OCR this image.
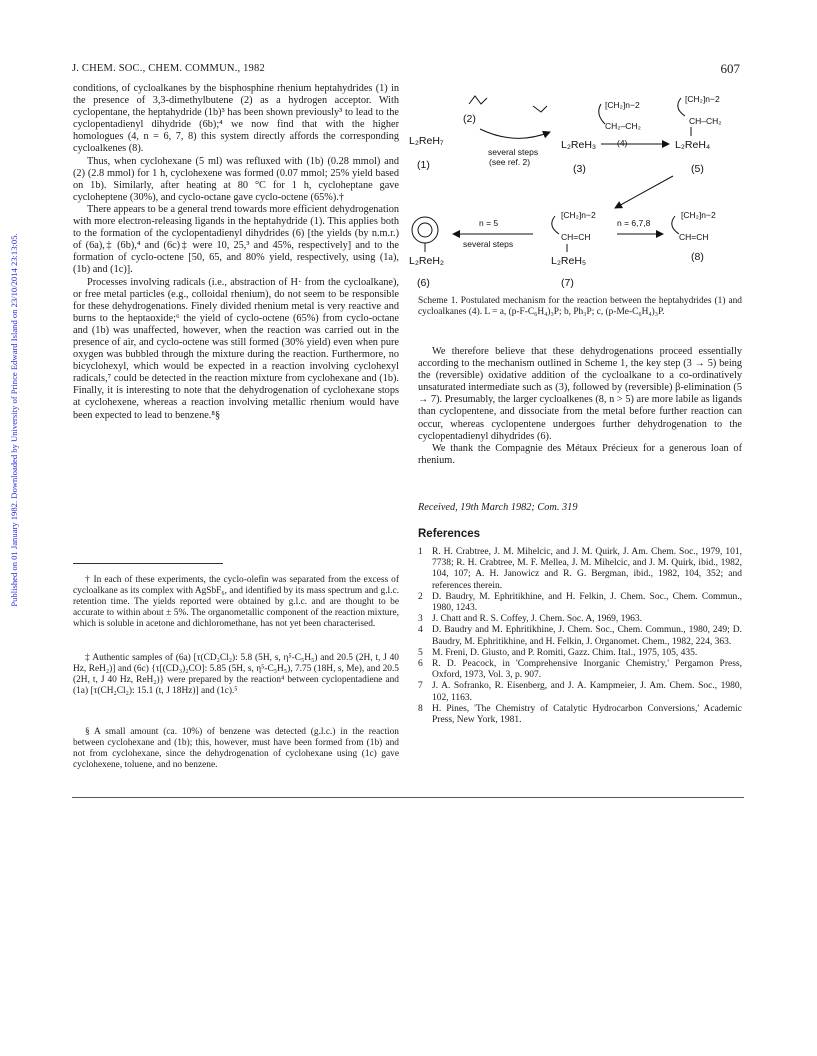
J. CHEM. SOC., CHEM. COMMUN., 1982	607
Published on 01 January 1982. Downloaded by University of Prince Edward Island on 23/10/2014 23:13:05.

conditions, of cycloalkanes by the bisphosphine rhenium heptahydrides (1) in the presence of 3,3-dimethylbutene (2) as a hydrogen acceptor. With cyclopentane, the heptahydride (1b)³ has been shown previously³ to lead to the cyclopentadienyl dihydride (6b);⁴ we now find that with the higher homologues (4, n = 6, 7, 8) this system directly affords the corresponding cycloalkenes (8).

Thus, when cyclohexane (5 ml) was refluxed with (1b) (0.28 mmol) and (2) (2.8 mmol) for 1 h, cyclohexene was formed (0.07 mmol; 25% yield based on 1b). Similarly, after heating at 80 °C for 1 h, cycloheptane gave cycloheptene (30%), and cyclo-octane gave cyclo-octene (65%).†

There appears to be a general trend towards more efficient dehydrogenation with more electron-releasing ligands in the heptahydride (1). This applies both to the formation of the cyclopentadienyl dihydrides (6) [the yields (by n.m.r.) of (6a),‡ (6b),⁴ and (6c)‡ were 10, 25,³ and 45%, respectively] and to the formation of cyclo-octene [50, 65, and 80% yield, respectively, using (1a), (1b) and (1c)].

Processes involving radicals (i.e., abstraction of H· from the cycloalkane), or free metal particles (e.g., colloidal rhenium), do not seem to be responsible for these dehydrogenations. Finely divided rhenium metal is very reactive and burns to the heptaoxide;⁶ the yield of cyclo-octene (65%) from cyclo-octane and (1b) was unaffected, however, when the reaction was carried out in the presence of air, and cyclo-octene was still formed (30% yield) even when pure oxygen was bubbled through the mixture during the reaction. Furthermore, no bicyclohexyl, which would be expected in a reaction involving cyclohexyl radicals,⁷ could be detected in the reaction mixture from cyclohexane and (1b). Finally, it is interesting to note that the dehydrogenation of cyclohexane stops at cyclohexene, whereas a reaction involving metallic rhenium would have been expected to lead to benzene.⁸§

† In each of these experiments, the cyclo-olefin was separated from the excess of cycloalkane as its complex with AgSbF₆, and identified by its mass spectrum and g.l.c. retention time. The yields reported were obtained by g.l.c. and are thought to be accurate to within about ± 5%. The organometallic component of the reaction mixture, which is soluble in acetone and dichloromethane, has not yet been characterised.

‡ Authentic samples of (6a) [τ(CD₂Cl₂): 5.8 (5H, s, η⁵-C₅H₅) and 20.5 (2H, t, J 40 Hz, ReH₂)] and (6c) {τ[(CD₃)₂CO]: 5.85 (5H, s, η⁵-C₅H₅), 7.75 (18H, s, Me), and 20.5 (2H, t, J 40 Hz, ReH₂)} were prepared by the reaction⁴ between cyclopentadiene and (1a) [τ(CH₂Cl₂): 15.1 (t, J 18Hz)] and (1c).⁵

§ A small amount (ca. 10%) of benzene was detected (g.l.c.) in the reaction between cyclohexane and (1b); this, however, must have been formed from (1b) and not from cyclohexane, since the dehydrogenation of cyclohexane using (1c) gave cyclohexene, toluene, and no benzene.

L₂ReH₇
(1)
(2)
several steps
(see ref. 2)
L₂ReH₃
(3)
[CH₂]n−2
CH₂–CH₂
(4)
[CH₂]n−2
CH–CH₂
L₂ReH₄
(5)
L₂ReH₂
(6)
n = 5
several steps
[CH₂]n−2
CH=CH
L₂ReH₅
(7)
n = 6,7,8
[CH₂]n−2
CH=CH
(8)
Scheme 1. Postulated mechanism for the reaction between the heptahydrides (1) and cycloalkanes (4). L = a, (p-F-C₆H₄)₃P; b, Ph₃P; c, (p-Me-C₆H₄)₃P.

We therefore believe that these dehydrogenations proceed essentially according to the mechanism outlined in Scheme 1, the key step (3 → 5) being the (reversible) oxidative addition of the cycloalkane to a co-ordinatively unsaturated intermediate such as (3), followed by (reversible) β-elimination (5 → 7). Presumably, the larger cycloalkenes (8, n > 5) are more labile as ligands than cyclopentene, and dissociate from the metal before further reaction can occur, whereas cyclopentene undergoes further dehydrogenation to the cyclopentadienyl dihydrides (6).

We thank the Compagnie des Métaux Précieux for a generous loan of rhenium.

Received, 19th March 1982; Com. 319
References

1 R. H. Crabtree, J. M. Mihelcic, and J. M. Quirk, J. Am. Chem. Soc., 1979, 101, 7738; R. H. Crabtree, M. F. Mellea, J. M. Mihelcic, and J. M. Quirk, ibid., 1982, 104, 107; A. H. Janowicz and R. G. Bergman, ibid., 1982, 104, 352; and references therein.

2 D. Baudry, M. Ephritikhine, and H. Felkin, J. Chem. Soc., Chem. Commun., 1980, 1243.

3 J. Chatt and R. S. Coffey, J. Chem. Soc. A, 1969, 1963.

4 D. Baudry and M. Ephritikhine, J. Chem. Soc., Chem. Commun., 1980, 249; D. Baudry, M. Ephritikhine, and H. Felkin, J. Organomet. Chem., 1982, 224, 363.

5 M. Freni, D. Giusto, and P. Romiti, Gazz. Chim. Ital., 1975, 105, 435.

6 R. D. Peacock, in 'Comprehensive Inorganic Chemistry,' Pergamon Press, Oxford, 1973, Vol. 3, p. 907.

7 J. A. Sofranko, R. Eisenberg, and J. A. Kampmeier, J. Am. Chem. Soc., 1980, 102, 1163.

8 H. Pines, 'The Chemistry of Catalytic Hydrocarbon Conversions,' Academic Press, New York, 1981.
